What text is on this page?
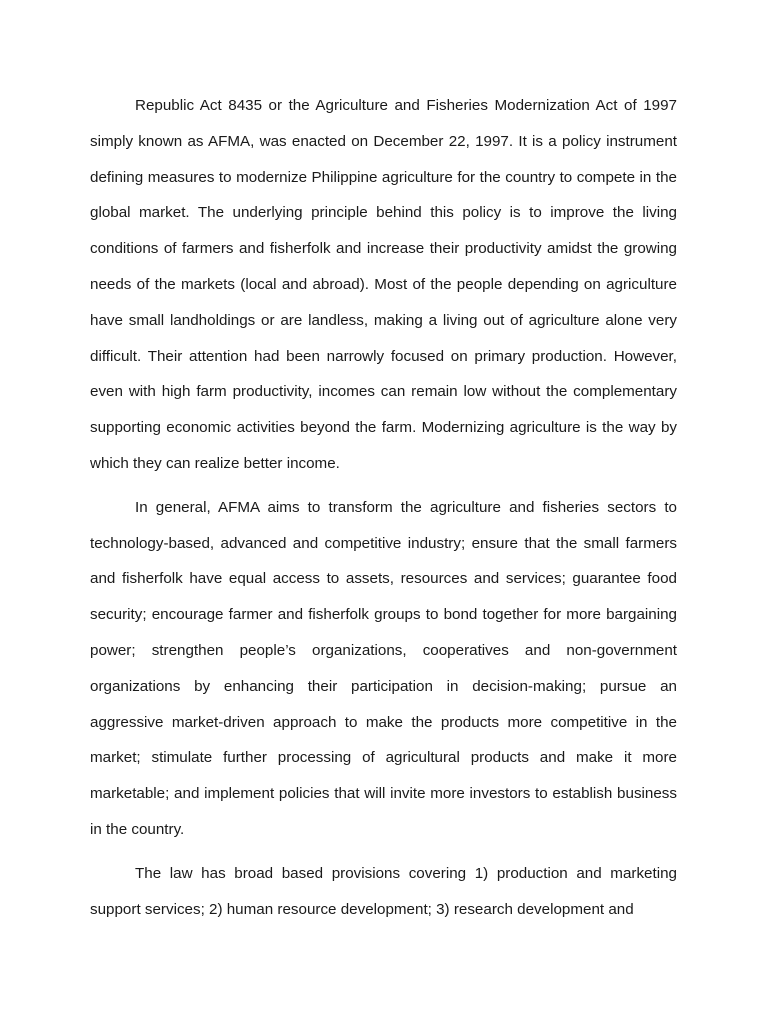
Republic Act 8435 or the Agriculture and Fisheries Modernization Act of 1997 simply known as AFMA, was enacted on December 22, 1997. It is a policy instrument defining measures to modernize Philippine agriculture for the country to compete in the global market. The underlying principle behind this policy is to improve the living conditions of farmers and fisherfolk and increase their productivity amidst the growing needs of the markets (local and abroad). Most of the people depending on agriculture have small landholdings or are landless, making a living out of agriculture alone very difficult. Their attention had been narrowly focused on primary production. However, even with high farm productivity, incomes can remain low without the complementary supporting economic activities beyond the farm. Modernizing agriculture is the way by which they can realize better income.

In general, AFMA aims to transform the agriculture and fisheries sectors to technology-based, advanced and competitive industry; ensure that the small farmers and fisherfolk have equal access to assets, resources and services; guarantee food security; encourage farmer and fisherfolk groups to bond together for more bargaining power; strengthen people’s organizations, cooperatives and non-government organizations by enhancing their participation in decision-making; pursue an aggressive market-driven approach to make the products more competitive in the market; stimulate further processing of agricultural products and make it more marketable; and implement policies that will invite more investors to establish business in the country.

The law has broad based provisions covering 1) production and marketing support services; 2) human resource development; 3) research development and
